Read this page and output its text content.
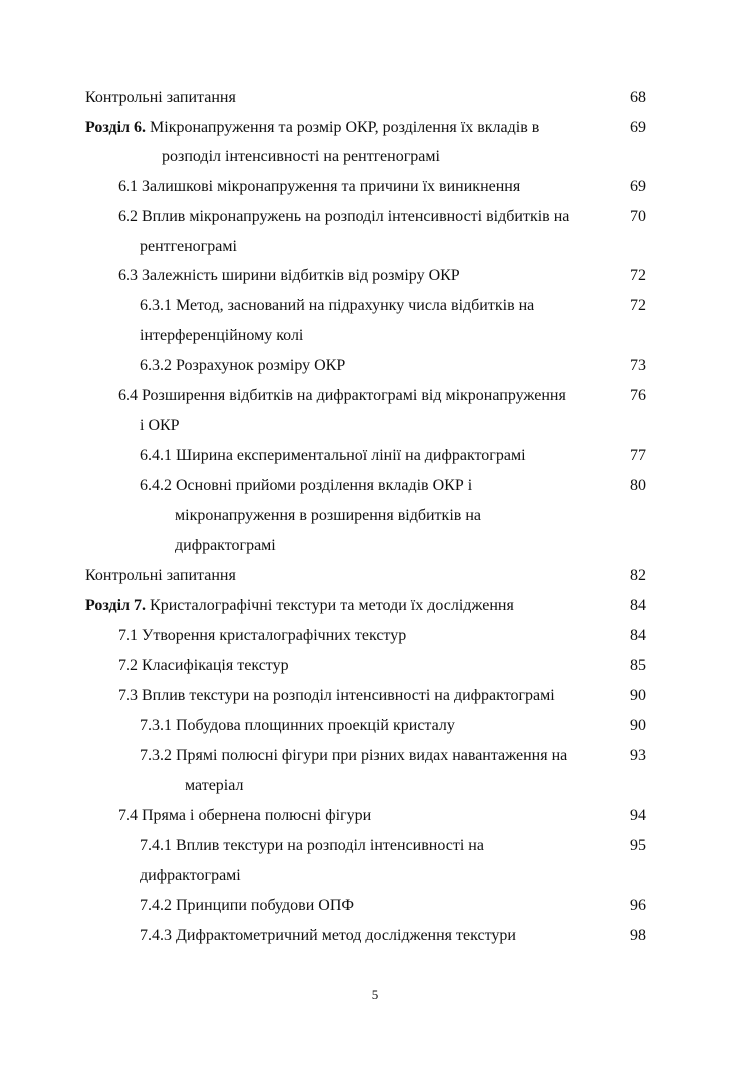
Контрольні запитання	68
Розділ 6. Мікронапруження та розмір ОКР, розділення їх вкладів в	69
розподіл інтенсивності на рентгенограмі
6.1 Залишкові мікронапруження та причини їх виникнення	69
6.2 Вплив мікронапружень на розподіл інтенсивності відбитків на	70
рентгенограмі
6.3 Залежність ширини відбитків від розміру ОКР	72
6.3.1 Метод, заснований на підрахунку числа відбитків на	72
інтерференційному колі
6.3.2 Розрахунок розміру ОКР	73
6.4 Розширення відбитків на дифрактограмі від мікронапруження	76
і ОКР
6.4.1 Ширина експериментальної лінії на дифрактограмі	77
6.4.2 Основні прийоми розділення вкладів ОКР і	80
мікронапруження в розширення відбитків на
дифрактограмі
Контрольні запитання	82
Розділ 7. Кристалографічні текстури та методи їх дослідження	84
7.1 Утворення кристалографічних текстур	84
7.2 Класифікація текстур	85
7.3 Вплив текстури на розподіл інтенсивності на дифрактограмі	90
7.3.1 Побудова площинних проекцій кристалу	90
7.3.2 Прямі полюсні фігури при різних видах навантаження на	93
матеріал
7.4 Пряма і обернена полюсні фігури	94
7.4.1 Вплив текстури на розподіл інтенсивності на	95
дифрактограмі
7.4.2 Принципи побудови ОПФ	96
7.4.3 Дифрактометричний метод дослідження текстури	98
5
